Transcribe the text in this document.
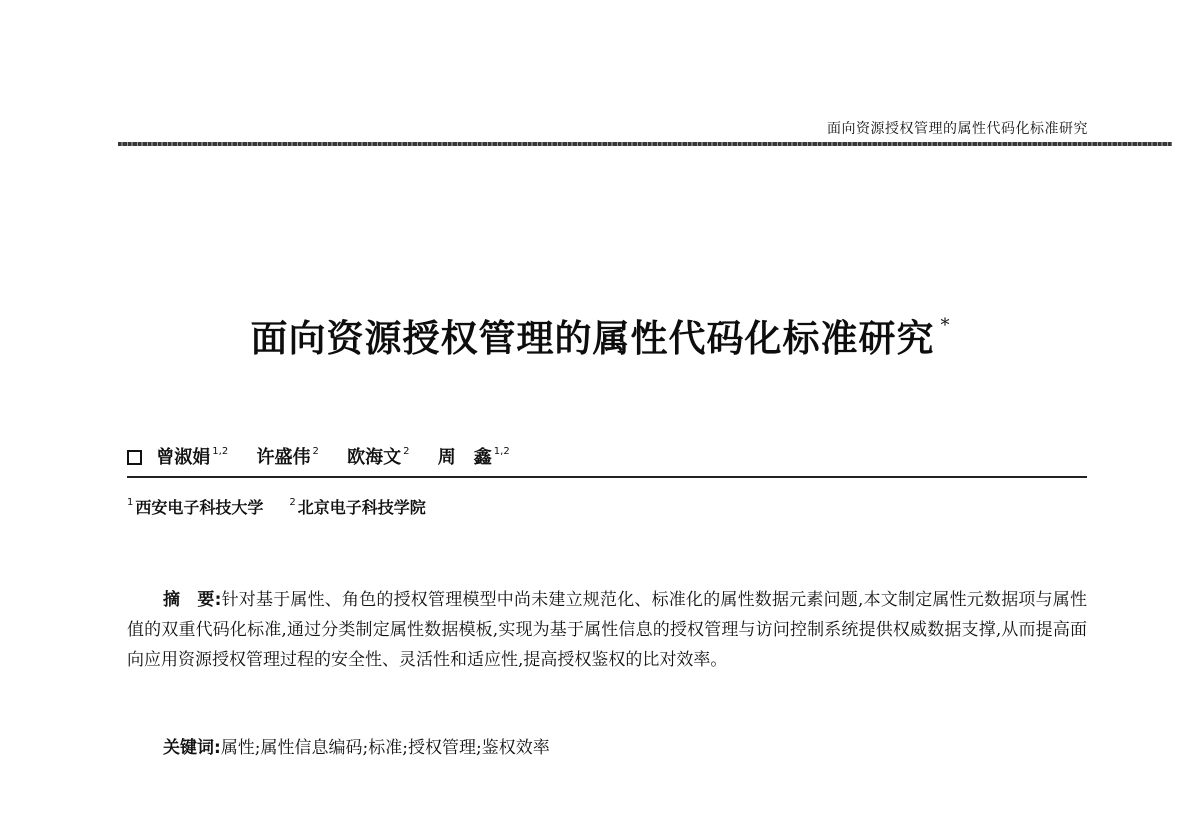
面向资源授权管理的属性代码化标准研究
面向资源授权管理的属性代码化标准研究 *
曾淑娟 $^{1,2}$ 许盛伟 $^2$ 欧海文 $^2$ 周　鑫 $^{1,2}$
$^1$ 西安电子科技大学	$^2$ 北京电子科技学院
摘　要:针对基于属性、角色的授权管理模型中尚未建立规范化、标准化的属性数据元素问题,本文制定属性元数据项与属性值的双重代码化标准,通过分类制定属性数据模板,实现为基于属性信息的授权管理与访问控制系统提供权威数据支撑,从而提高面向应用资源授权管理过程的安全性、灵活性和适应性,提高授权鉴权的比对效率。
关键词:属性;属性信息编码;标准;授权管理;鉴权效率
